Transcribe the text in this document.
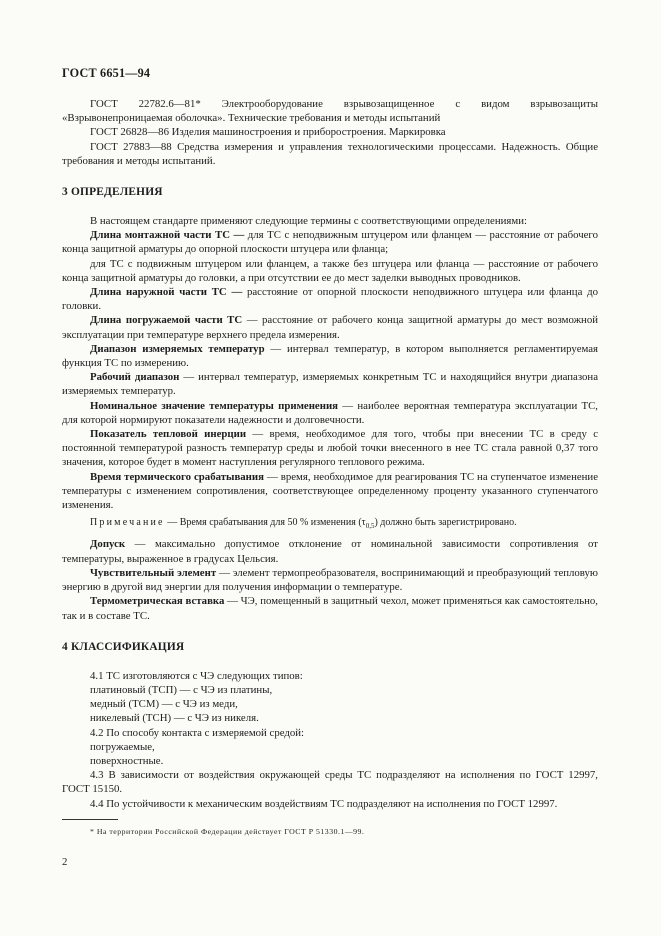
ГОСТ 6651—94

ГОСТ 22782.6—81* Электрооборудование взрывозащищенное с видом взрывозащиты «Взрывонепроницаемая оболочка». Технические требования и методы испытаний

ГОСТ 26828—86 Изделия машиностроения и приборостроения. Маркировка

ГОСТ 27883—88 Средства измерения и управления технологическими процессами. Надежность. Общие требования и методы испытаний.

3 ОПРЕДЕЛЕНИЯ

В настоящем стандарте применяют следующие термины с соответствующими определениями:

Длина монтажной части ТС — для ТС с неподвижным штуцером или фланцем — расстояние от рабочего конца защитной арматуры до опорной плоскости штуцера или фланца;

для ТС с подвижным штуцером или фланцем, а также без штуцера или фланца — расстояние от рабочего конца защитной арматуры до головки, а при отсутствии ее до мест заделки выводных проводников.

Длина наружной части ТС — расстояние от опорной плоскости неподвижного штуцера или фланца до головки.

Длина погружаемой части ТС — расстояние от рабочего конца защитной арматуры до мест возможной эксплуатации при температуре верхнего предела измерения.

Диапазон измеряемых температур — интервал температур, в котором выполняется регламентируемая функция ТС по измерению.

Рабочий диапазон — интервал температур, измеряемых конкретным ТС и находящийся внутри диапазона измеряемых температур.

Номинальное значение температуры применения — наиболее вероятная температура эксплуатации ТС, для которой нормируют показатели надежности и долговечности.

Показатель тепловой инерции — время, необходимое для того, чтобы при внесении ТС в среду с постоянной температурой разность температур среды и любой точки внесенного в нее ТС стала равной 0,37 того значения, которое будет в момент наступления регулярного теплового режима.

Время термического срабатывания — время, необходимое для реагирования ТС на ступенчатое изменение температуры с изменением сопротивления, соответствующее определенному проценту указанного ступенчатого изменения.

Примечание — Время срабатывания для 50 % изменения $(\tau_{0,5})$ должно быть зарегистрировано.

Допуск — максимально допустимое отклонение от номинальной зависимости сопротивления от температуры, выраженное в градусах Цельсия.

Чувствительный элемент — элемент термопреобразователя, воспринимающий и преобразующий тепловую энергию в другой вид энергии для получения информации о температуре.

Термометрическая вставка — ЧЭ, помещенный в защитный чехол, может применяться как самостоятельно, так и в составе ТС.

4 КЛАССИФИКАЦИЯ

4.1 ТС изготовляются с ЧЭ следующих типов:

платиновый (ТСП) — с ЧЭ из платины,

медный (ТСМ) — с ЧЭ из меди,

никелевый (ТСН) — с ЧЭ из никеля.

4.2 По способу контакта с измеряемой средой:

погружаемые,

поверхностные.

4.3 В зависимости от воздействия окружающей среды ТС подразделяют на исполнения по ГОСТ 12997, ГОСТ 15150.

4.4 По устойчивости к механическим воздействиям ТС подразделяют на исполнения по ГОСТ 12997.

* На территории Российской Федерации действует ГОСТ Р 51330.1—99.

2
